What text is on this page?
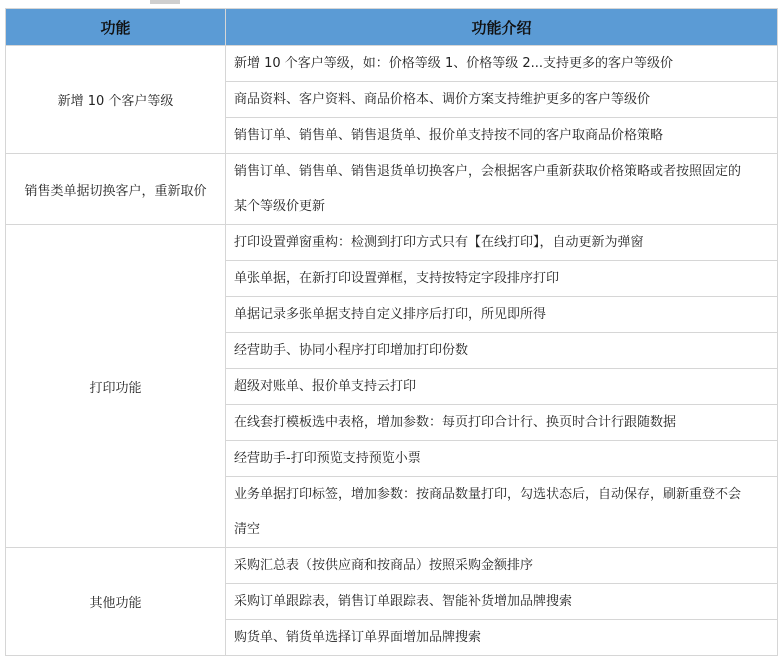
功能	功能介绍
新增 10 个客户等级	新增 10 个客户等级，如：价格等级 1、价格等级 2...支持更多的客户等级价
	商品资料、客户资料、商品价格本、调价方案支持维护更多的客户等级价
	销售订单、销售单、销售退货单、报价单支持按不同的客户取商品价格策略
销售类单据切换客户，重新取价	销售订单、销售单、销售退货单切换客户，会根据客户重新获取价格策略或者按照固定的
某个等级价更新
打印功能	打印设置弹窗重构：检测到打印方式只有【在线打印】，自动更新为弹窗
	单张单据，在新打印设置弹框，支持按特定字段排序打印
	单据记录多张单据支持自定义排序后打印，所见即所得
	经营助手、协同小程序打印增加打印份数
	超级对账单、报价单支持云打印
	在线套打模板选中表格，增加参数：每页打印合计行、换页时合计行跟随数据
	经营助手-打印预览支持预览小票
	业务单据打印标签，增加参数：按商品数量打印，勾选状态后，自动保存，刷新重登不会
清空
其他功能	采购汇总表（按供应商和按商品）按照采购金额排序
	采购订单跟踪表，销售订单跟踪表、智能补货增加品牌搜索
	购货单、销货单选择订单界面增加品牌搜索
